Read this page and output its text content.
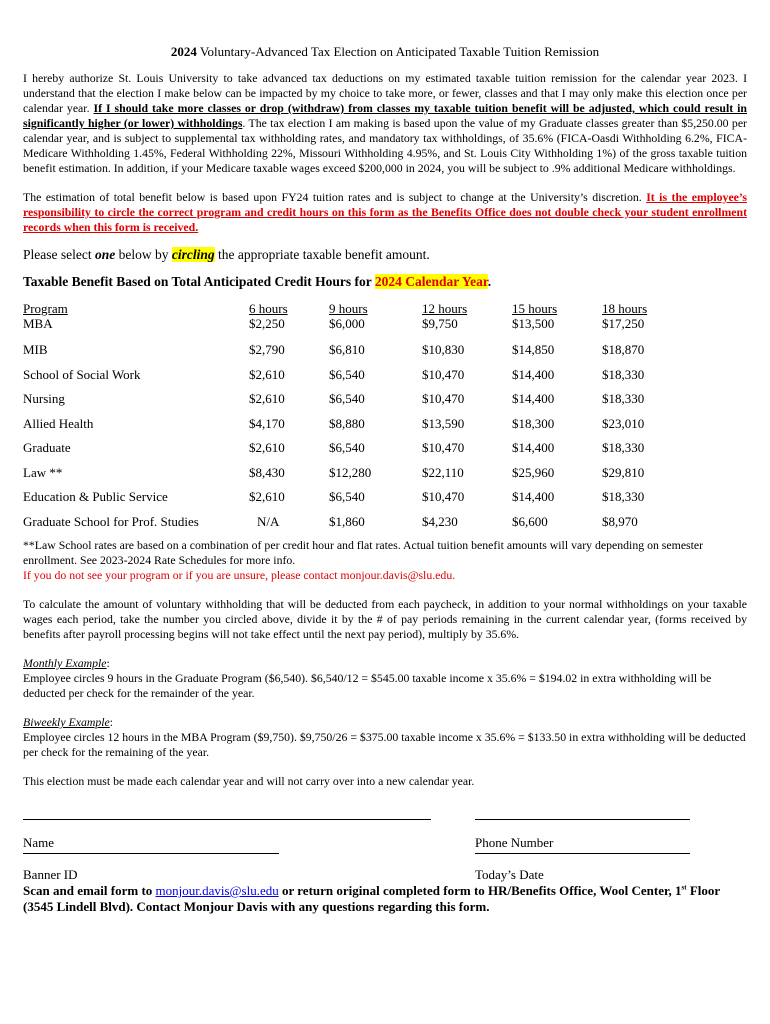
2024 Voluntary-Advanced Tax Election on Anticipated Taxable Tuition Remission

I hereby authorize St. Louis University to take advanced tax deductions on my estimated taxable tuition remission for the calendar year 2023. I understand that the election I make below can be impacted by my choice to take more, or fewer, classes and that I may only make this election once per calendar year. If I should take more classes or drop (withdraw) from classes my taxable tuition benefit will be adjusted, which could result in significantly higher (or lower) withholdings. The tax election I am making is based upon the value of my Graduate classes greater than $5,250.00 per calendar year, and is subject to supplemental tax withholding rates, and mandatory tax withholdings, of 35.6% (FICA-Oasdi Withholding 6.2%, FICA-Medicare Withholding 1.45%, Federal Withholding 22%, Missouri Withholding 4.95%, and St. Louis City Withholding 1%) of the gross taxable tuition benefit estimation. In addition, if your Medicare taxable wages exceed $200,000 in 2024, you will be subject to .9% additional Medicare withholdings.

The estimation of total benefit below is based upon FY24 tuition rates and is subject to change at the University’s discretion. It is the employee’s responsibility to circle the correct program and credit hours on this form as the Benefits Office does not double check your student enrollment records when this form is received.

Please select one below by circling the appropriate taxable benefit amount.

Taxable Benefit Based on Total Anticipated Credit Hours for 2024 Calendar Year.

Program	6 hours	9 hours	12 hours	15 hours	18 hours
MBA	$2,250	$6,000	$9,750	$13,500	$17,250
MIB	$2,790	$6,810	$10,830	$14,850	$18,870
School of Social Work	$2,610	$6,540	$10,470	$14,400	$18,330
Nursing	$2,610	$6,540	$10,470	$14,400	$18,330
Allied Health	$4,170	$8,880	$13,590	$18,300	$23,010
Graduate	$2,610	$6,540	$10,470	$14,400	$18,330
Law **	$8,430	$12,280	$22,110	$25,960	$29,810
Education & Public Service	$2,610	$6,540	$10,470	$14,400	$18,330
Graduate School for Prof. Studies	N/A	$1,860	$4,230	$6,600	$8,970

**Law School rates are based on a combination of per credit hour and flat rates. Actual tuition benefit amounts will vary depending on semester enrollment. See 2023-2024 Rate Schedules for more info.

If you do not see your program or if you are unsure, please contact monjour.davis@slu.edu.

To calculate the amount of voluntary withholding that will be deducted from each paycheck, in addition to your normal withholdings on your taxable wages each period, take the number you circled above, divide it by the # of pay periods remaining in the current calendar year, (forms received by benefits after payroll processing begins will not take effect until the next pay period), multiply by 35.6%.

Monthly Example:

Employee circles 9 hours in the Graduate Program ($6,540). $6,540/12 = $545.00 taxable income x 35.6% = $194.02 in extra withholding will be deducted per check for the remainder of the year.

Biweekly Example:

Employee circles 12 hours in the MBA Program ($9,750). $9,750/26 = $375.00 taxable income x 35.6% = $133.50 in extra withholding will be deducted per check for the remaining of the year.

This election must be made each calendar year and will not carry over into a new calendar year.

Name	Phone Number
Banner ID	Today’s Date

Scan and email form to monjour.davis@slu.edu or return original completed form to HR/Benefits Office, Wool Center, 1st Floor (3545 Lindell Blvd). Contact Monjour Davis with any questions regarding this form.
